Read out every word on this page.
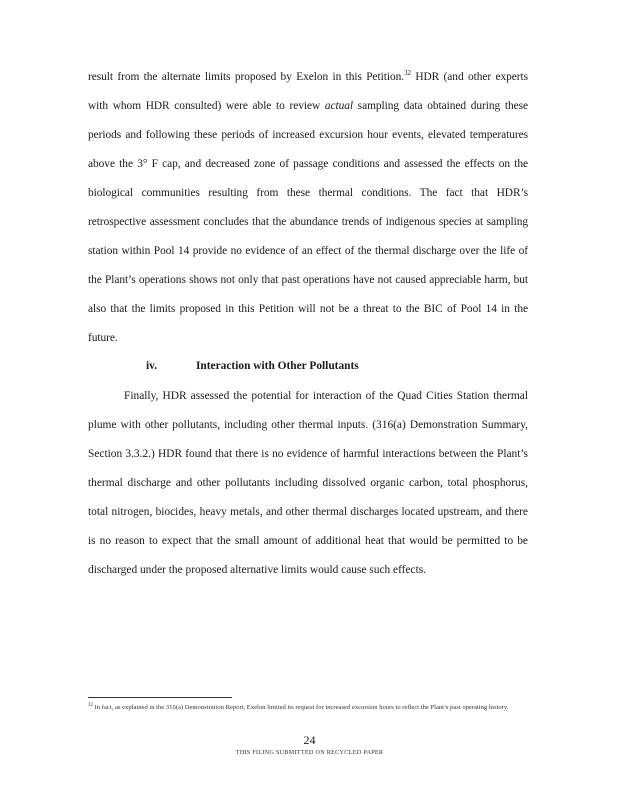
result from the alternate limits proposed by Exelon in this Petition.$^{32}$ HDR (and other experts with whom HDR consulted) were able to review actual sampling data obtained during these periods and following these periods of increased excursion hour events, elevated temperatures above the 3° F cap, and decreased zone of passage conditions and assessed the effects on the biological communities resulting from these thermal conditions. The fact that HDR’s retrospective assessment concludes that the abundance trends of indigenous species at sampling station within Pool 14 provide no evidence of an effect of the thermal discharge over the life of the Plant’s operations shows not only that past operations have not caused appreciable harm, but also that the limits proposed in this Petition will not be a threat to the BIC of Pool 14 in the future.

iv.	Interaction with Other Pollutants

Finally, HDR assessed the potential for interaction of the Quad Cities Station thermal plume with other pollutants, including other thermal inputs. (316(a) Demonstration Summary, Section 3.3.2.) HDR found that there is no evidence of harmful interactions between the Plant’s thermal discharge and other pollutants including dissolved organic carbon, total phosphorus, total nitrogen, biocides, heavy metals, and other thermal discharges located upstream, and there is no reason to expect that the small amount of additional heat that would be permitted to be discharged under the proposed alternative limits would cause such effects.

$^{32}$ In fact, as explained in the 316(a) Demonstration Report, Exelon limited its request for increased excursion hours to reflect the Plant’s past operating history.
24
THIS FILING SUBMITTED ON RECYCLED PAPER
